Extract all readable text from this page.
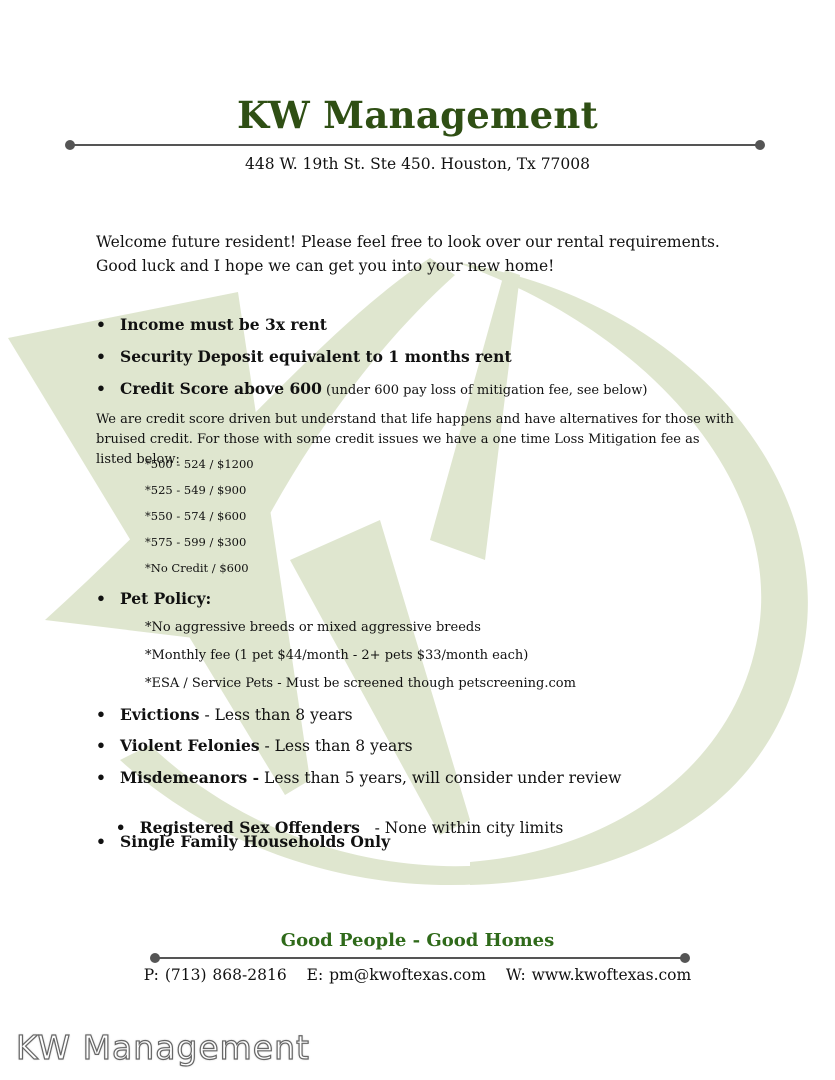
KW Management
448 W. 19th St. Ste 450. Houston, Tx 77008
Welcome future resident! Please feel free to look over our rental requirements. Good luck and I hope we can get you into your new home!
• Income must be 3x rent
• Security Deposit equivalent to 1 months rent
• Credit Score above 600 (under 600 pay loss of mitigation fee, see below)
We are credit score driven but understand that life happens and have alternatives for those with bruised credit. For those with some credit issues we have a one time Loss Mitigation fee as listed below:
*500 - 524 / $1200
*525 - 549 / $900
*550 - 574 / $600
*575 - 599 / $300
*No Credit / $600
• Pet Policy:
*No aggressive breeds or mixed aggressive breeds
*Monthly fee (1 pet $44/month - 2+ pets $33/month each)
*ESA / Service Pets - Must be screened though petscreening.com
• Evictions - Less than 8 years
• Violent Felonies - Less than 8 years
• Misdemeanors - Less than 5 years, will consider under review

• Registered Sex Offenders   - None within city limits

• Single Family Households Only
Good People - Good Homes
P: (713) 868-2816 E: pm@kwoftexas.com W: www.kwoftexas.com
KW Management
